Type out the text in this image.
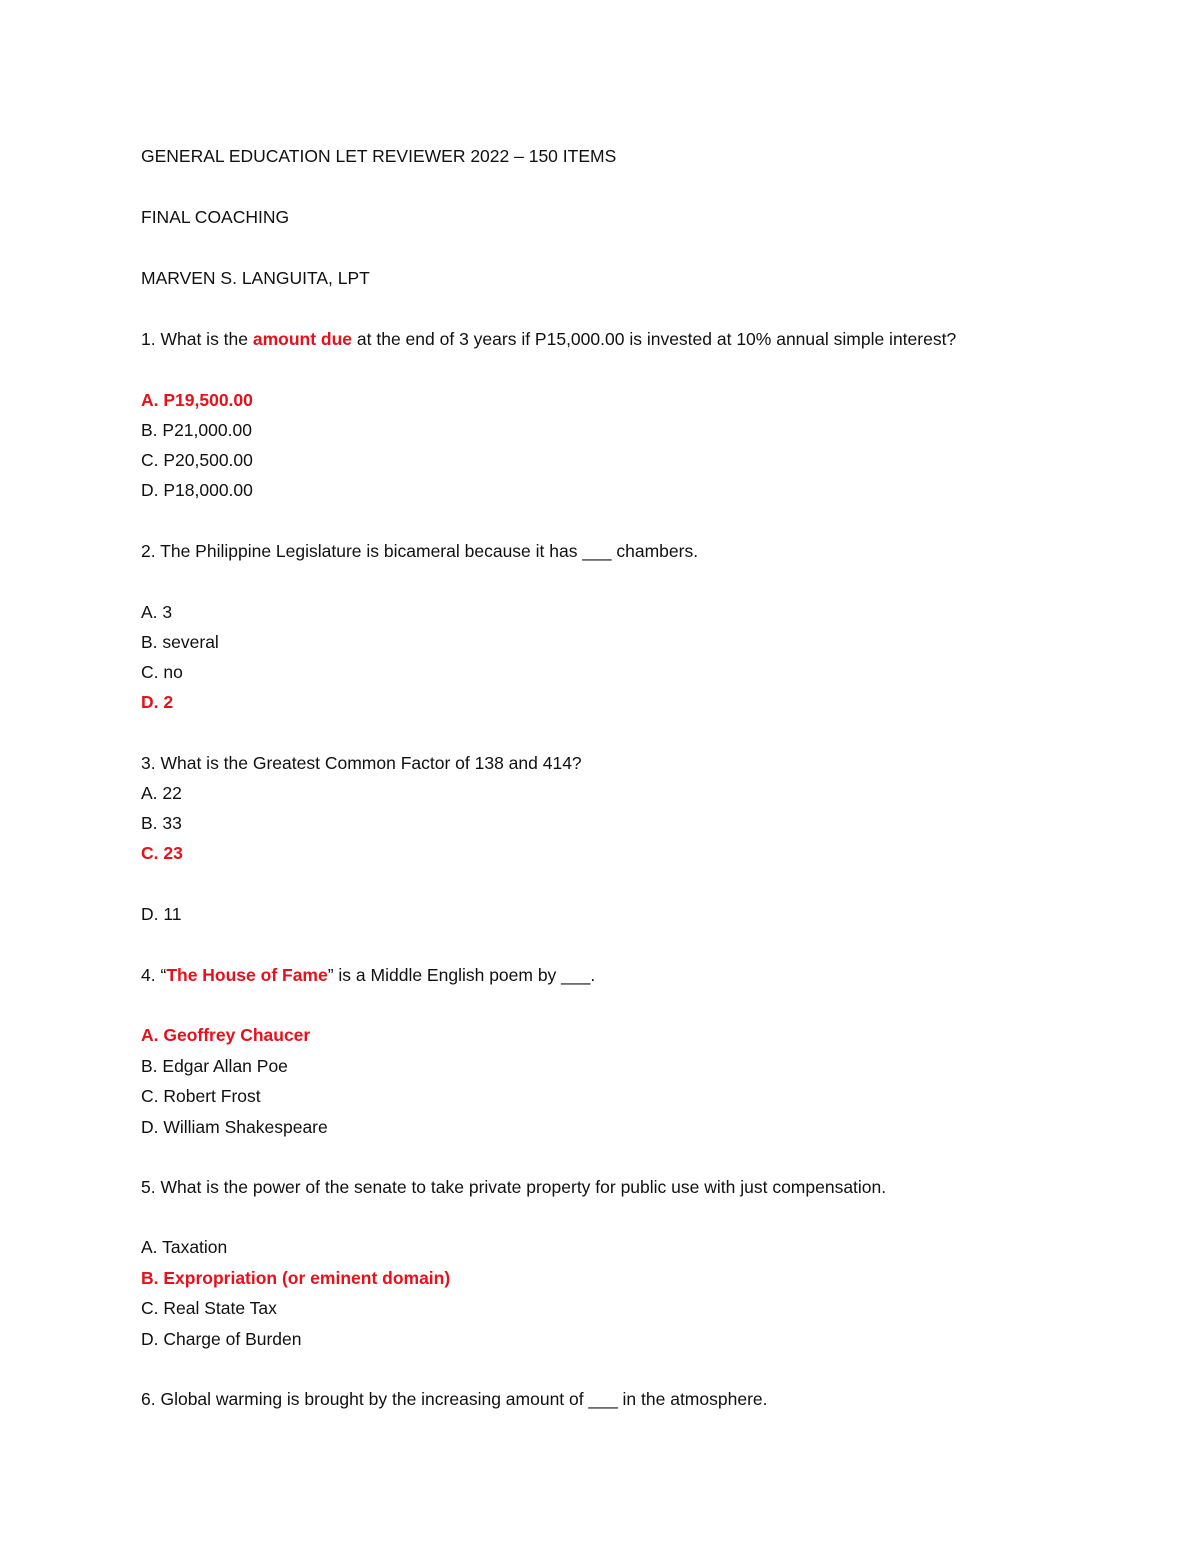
GENERAL EDUCATION LET REVIEWER 2022 – 150 ITEMS

FINAL COACHING

MARVEN S. LANGUITA, LPT

1. What is the amount due at the end of 3 years if P15,000.00 is invested at 10% annual simple interest?

A. P19,500.00

B. P21,000.00

C. P20,500.00

D. P18,000.00

2. The Philippine Legislature is bicameral because it has ___ chambers.

A. 3

B. several

C. no

D. 2

3. What is the Greatest Common Factor of 138 and 414?

A. 22

B. 33

C. 23

D. 11

4. “The House of Fame” is a Middle English poem by ___.

A. Geoffrey Chaucer

B. Edgar Allan Poe

C. Robert Frost

D. William Shakespeare

5. What is the power of the senate to take private property for public use with just compensation.

A. Taxation

B. Expropriation (or eminent domain)

C. Real State Tax

D. Charge of Burden

6. Global warming is brought by the increasing amount of ___ in the atmosphere.
